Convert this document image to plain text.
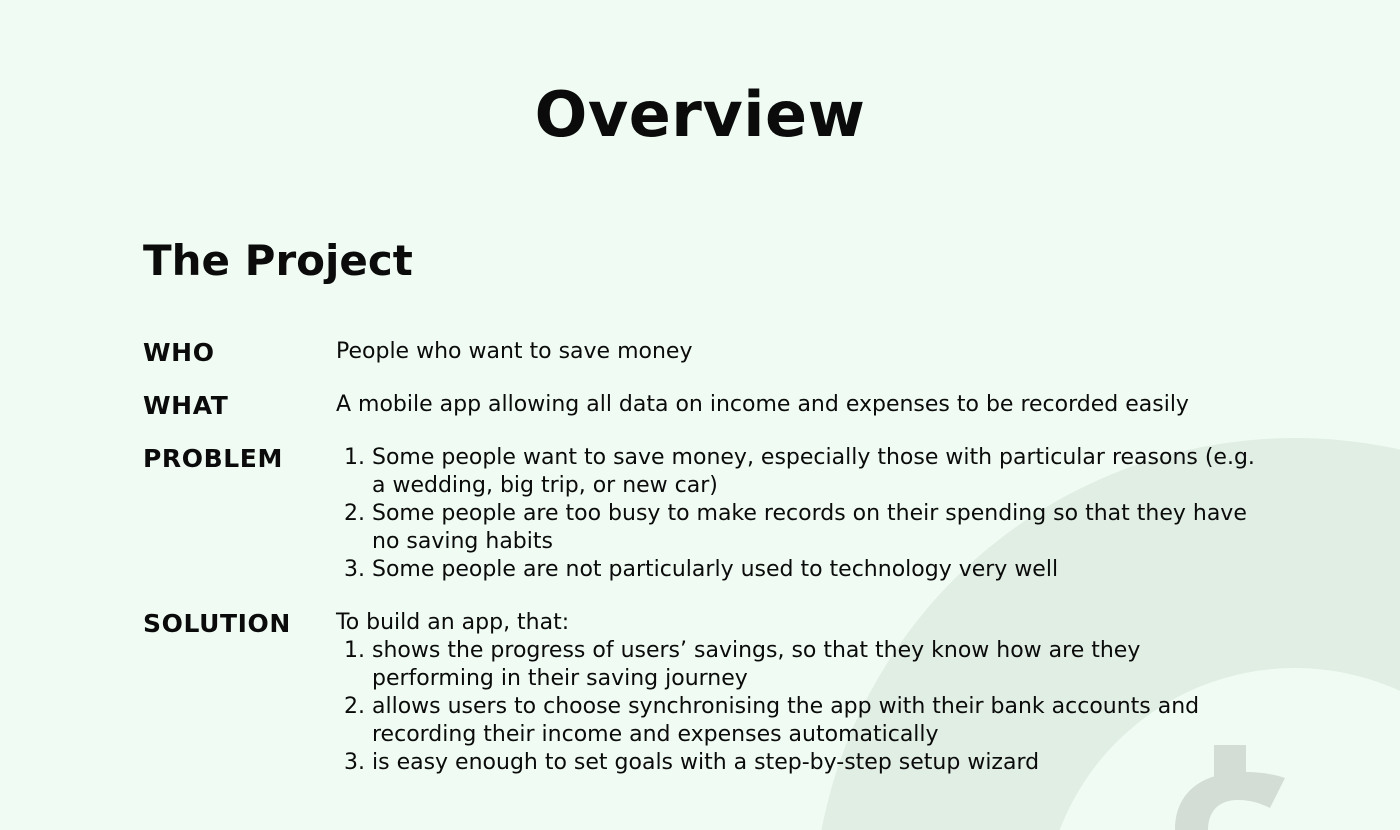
Overview
The Project
WHO	People who want to save money
WHAT	A mobile app allowing all data on income and expenses to be recorded easily
PROBLEM
1.	Some people want to save money, especially those with particular reasons (e.g. a wedding, big trip, or new car)
2. Some people are too busy to make records on their spending so that they have no saving habits
3. Some people are not particularly used to technology very well
SOLUTION To build an app, that:
1. shows the progress of users’ savings, so that they know how are they performing in their saving journey
2. allows users to choose synchronising the app with their bank accounts and recording their income and expenses automatically
3. is easy enough to set goals with a step-by-step setup wizard
